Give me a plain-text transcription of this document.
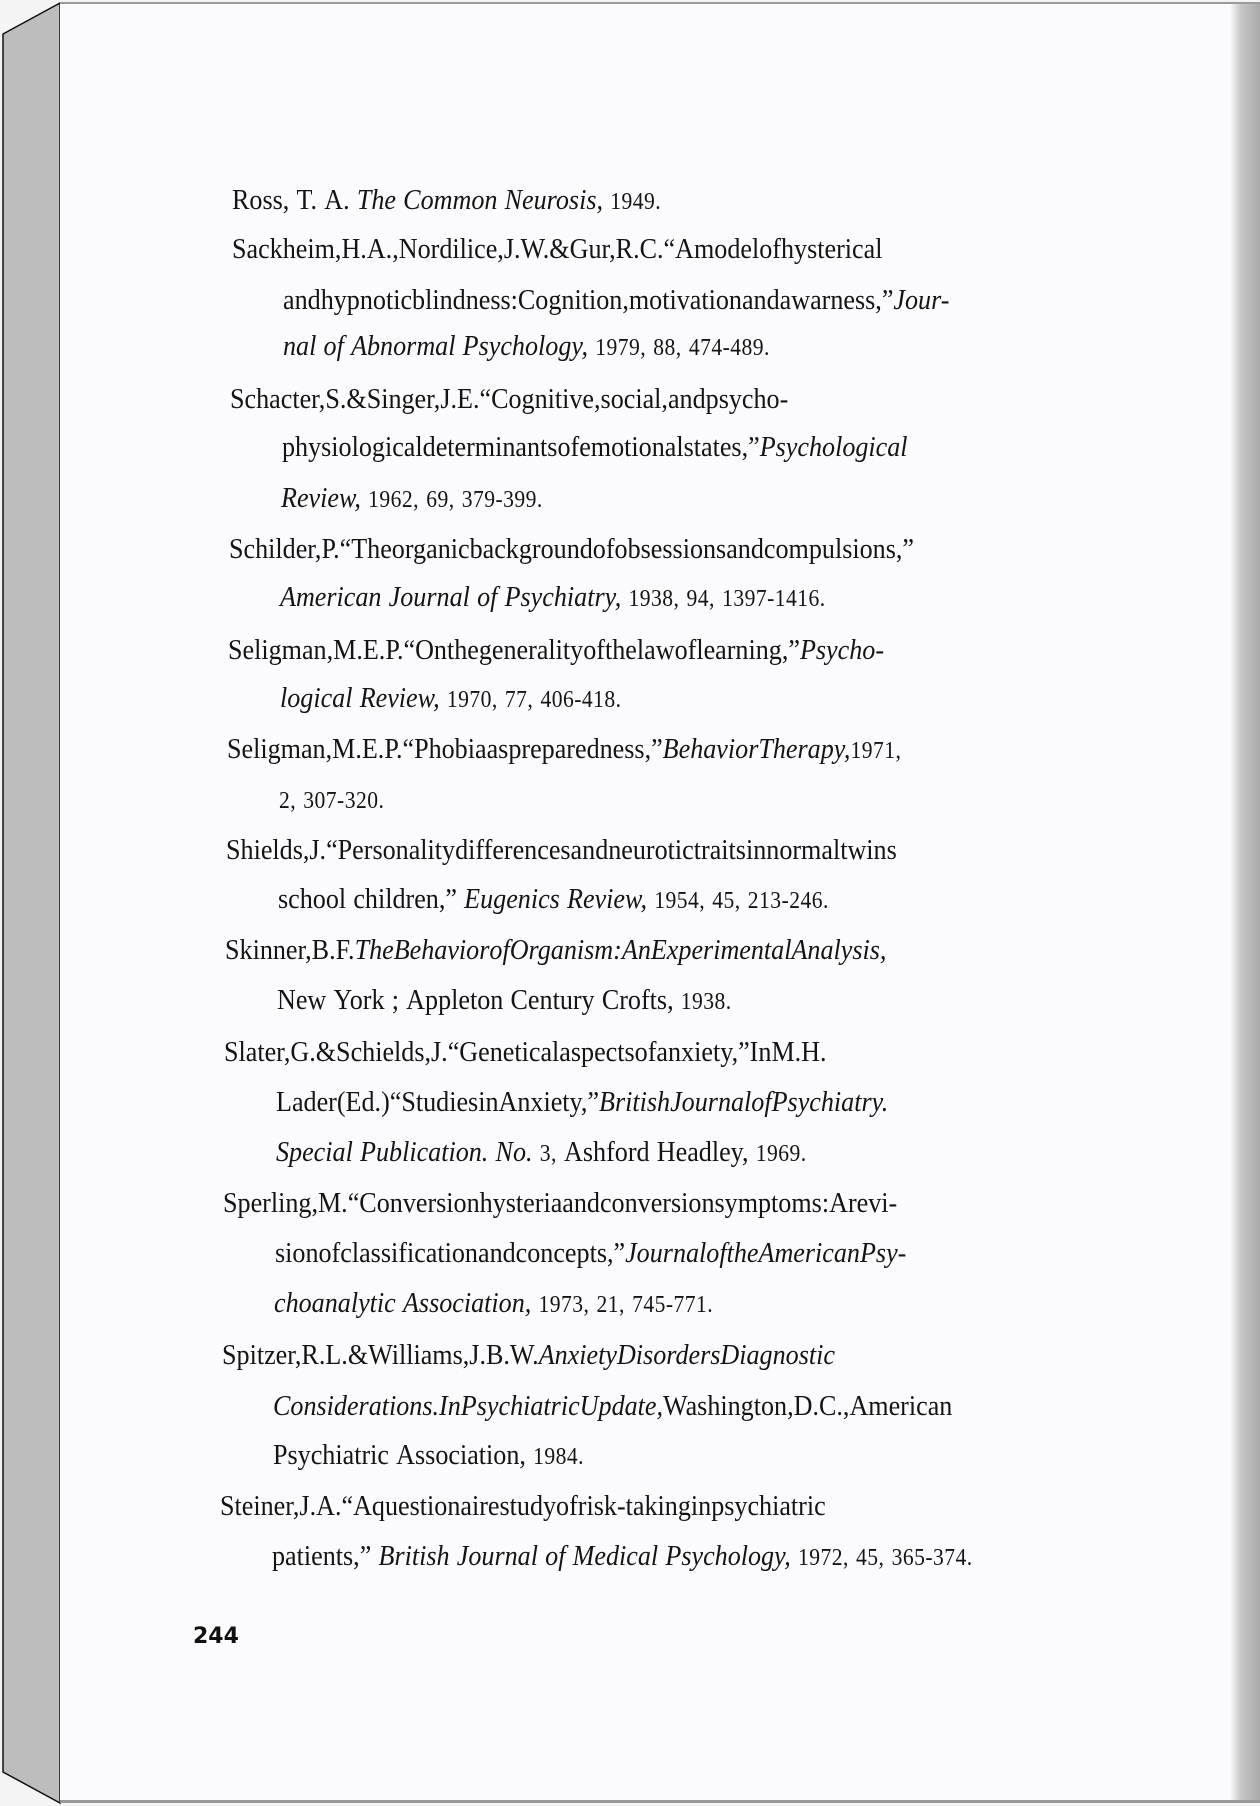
Ross, T. A. The Common Neurosis, 1949.
Sackheim,H.A.,Nordilice,J.W.&Gur,R.C.“Amodelofhysterical
andhypnoticblindness:Cognition,motivationandawarness,”Jour-
nal of Abnormal Psychology, 1979, 88, 474-489.
Schacter,S.&Singer,J.E.“Cognitive,social,andpsycho-
physiologicaldeterminantsofemotionalstates,”Psychological
Review, 1962, 69, 379-399.
Schilder,P.“Theorganicbackgroundofobsessionsandcompulsions,”
American Journal of Psychiatry, 1938, 94, 1397-1416.
Seligman,M.E.P.“Onthegeneralityofthelawoflearning,”Psycho-
logical Review, 1970, 77, 406-418.
Seligman,M.E.P.“Phobiaaspreparedness,”BehaviorTherapy,1971,
2, 307-320.
Shields,J.“Personalitydifferencesandneurotictraitsinnormaltwins
school children,” Eugenics Review, 1954, 45, 213-246.
Skinner,B.F.TheBehaviorofOrganism:AnExperimentalAnalysis,
New York ; Appleton Century Crofts, 1938.
Slater,G.&Schields,J.“Geneticalaspectsofanxiety,”InM.H.
Lader(Ed.)“StudiesinAnxiety,”BritishJournalofPsychiatry.
Special Publication. No. 3, Ashford Headley, 1969.
Sperling,M.“Conversionhysteriaandconversionsymptoms:Arevi-
sionofclassificationandconcepts,”JournaloftheAmericanPsy-
choanalytic Association, 1973, 21, 745-771.
Spitzer,R.L.&Williams,J.B.W.AnxietyDisordersDiagnostic
Considerations.InPsychiatricUpdate,Washington,D.C.,American
Psychiatric Association, 1984.
Steiner,J.A.“Aquestionairestudyofrisk-takinginpsychiatric
patients,” British Journal of Medical Psychology, 1972, 45, 365-374.
244
